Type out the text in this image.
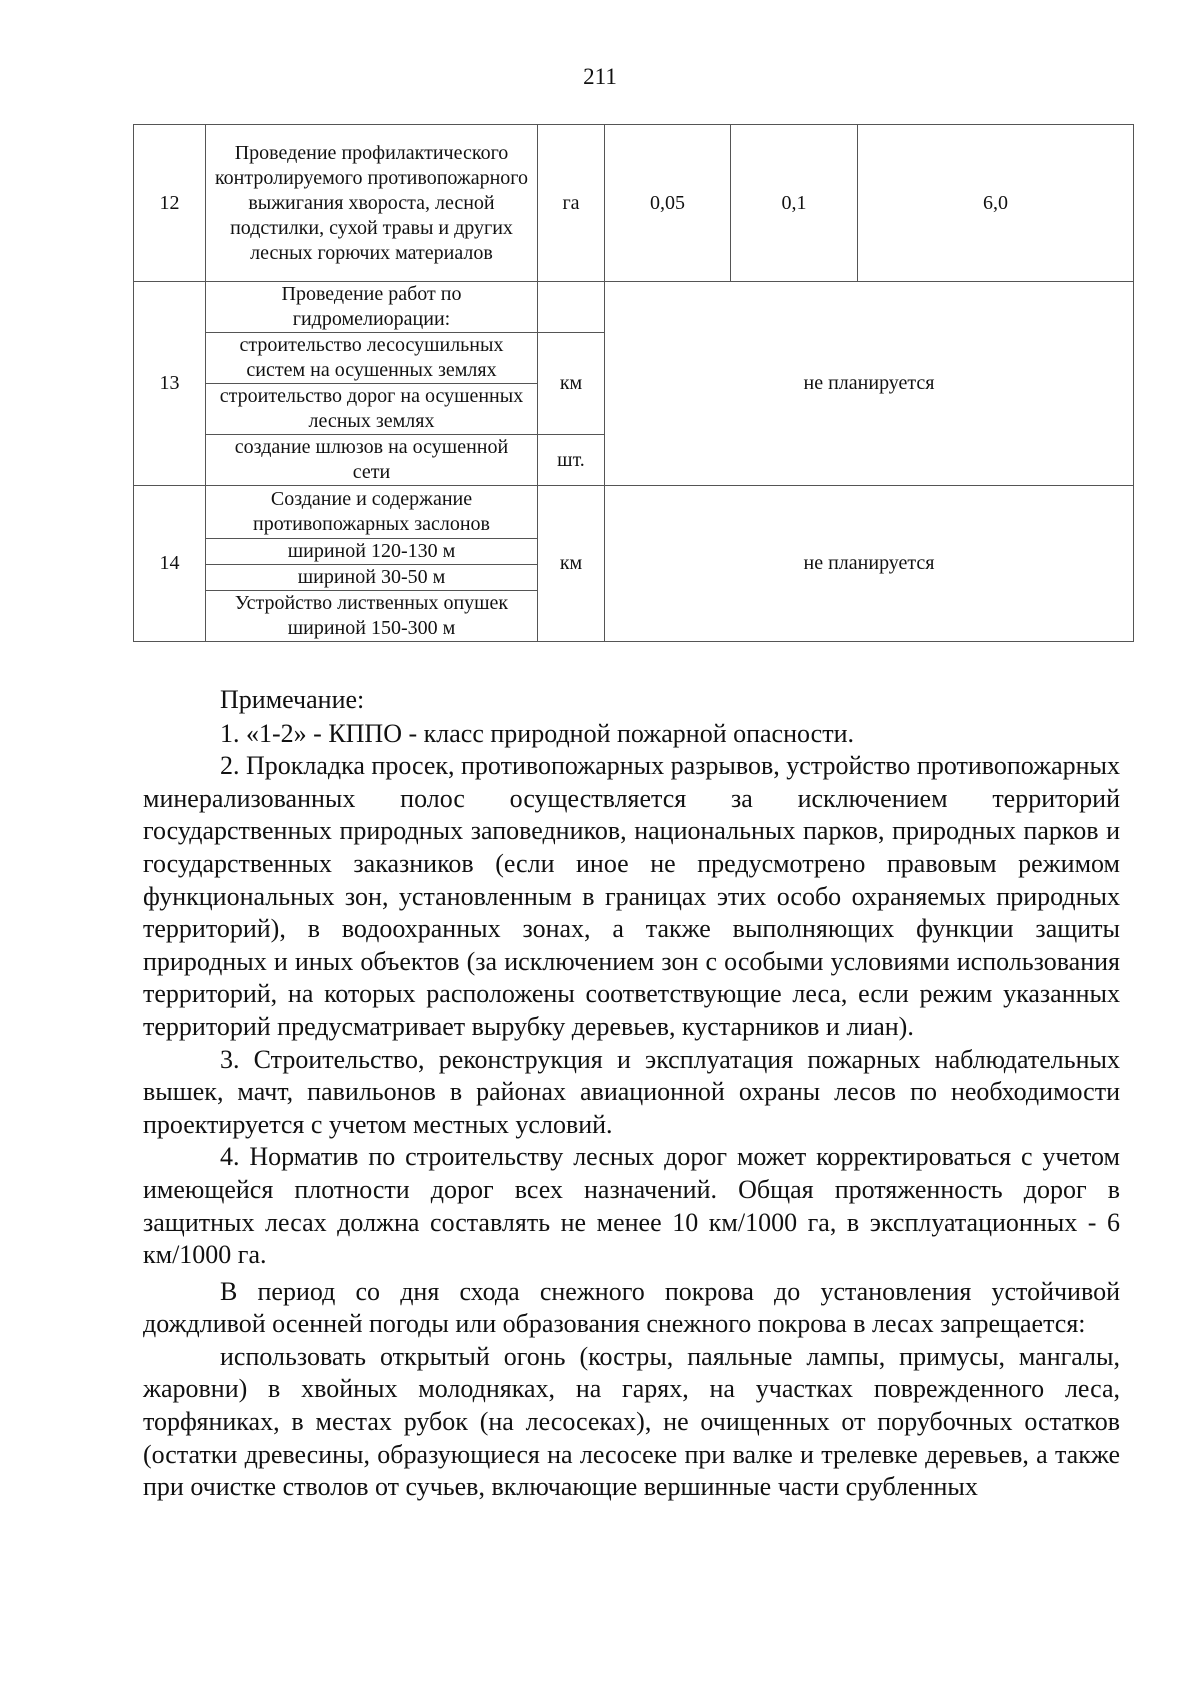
211
12	Проведение профилактического контролируемого противопожарного выжигания хвороста, лесной подстилки, сухой травы и других лесных горючих материалов	га	0,05	0,1	6,0
13	Проведение работ по гидромелиорации:		не планируется		
	строительство лесосушильных систем на осушенных землях	км			
	строительство дорог на осушенных лесных землях				
	создание шлюзов на осушенной сети	шт.			
14	Создание и содержание противопожарных заслонов	км	не планируется		
	шириной 120-130 м				
	шириной 30-50 м				
	Устройство лиственных опушек шириной 150-300 м				

Примечание:

1. «1-2» - КППО - класс природной пожарной опасности.

2. Прокладка просек, противопожарных разрывов, устройство противопожарных минерализованных полос осуществляется за исключением территорий государственных природных заповедников, национальных парков, природных парков и государственных заказников (если иное не предусмотрено правовым режимом функциональных зон, установленным в границах этих особо охраняемых природных территорий), в водоохранных зонах, а также выполняющих функции защиты природных и иных объектов (за исключением зон с особыми условиями использования территорий, на которых расположены соответствующие леса, если режим указанных территорий предусматривает вырубку деревьев, кустарников и лиан).

3. Строительство, реконструкция и эксплуатация пожарных наблюдательных вышек, мачт, павильонов в районах авиационной охраны лесов по необходимости проектируется с учетом местных условий.

4. Норматив по строительству лесных дорог может корректироваться с учетом имеющейся плотности дорог всех назначений. Общая протяженность дорог в защитных лесах должна составлять не менее 10 км/1000 га, в эксплуатационных - 6 км/1000 га.

В период со дня схода снежного покрова до установления устойчивой дождливой осенней погоды или образования снежного покрова в лесах запрещается:

использовать открытый огонь (костры, паяльные лампы, примусы, мангалы, жаровни) в хвойных молодняках, на гарях, на участках поврежденного леса, торфяниках, в местах рубок (на лесосеках), не очищенных от порубочных остатков (остатки древесины, образующиеся на лесосеке при валке и трелевке деревьев, а также при очистке стволов от сучьев, включающие вершинные части срубленных
